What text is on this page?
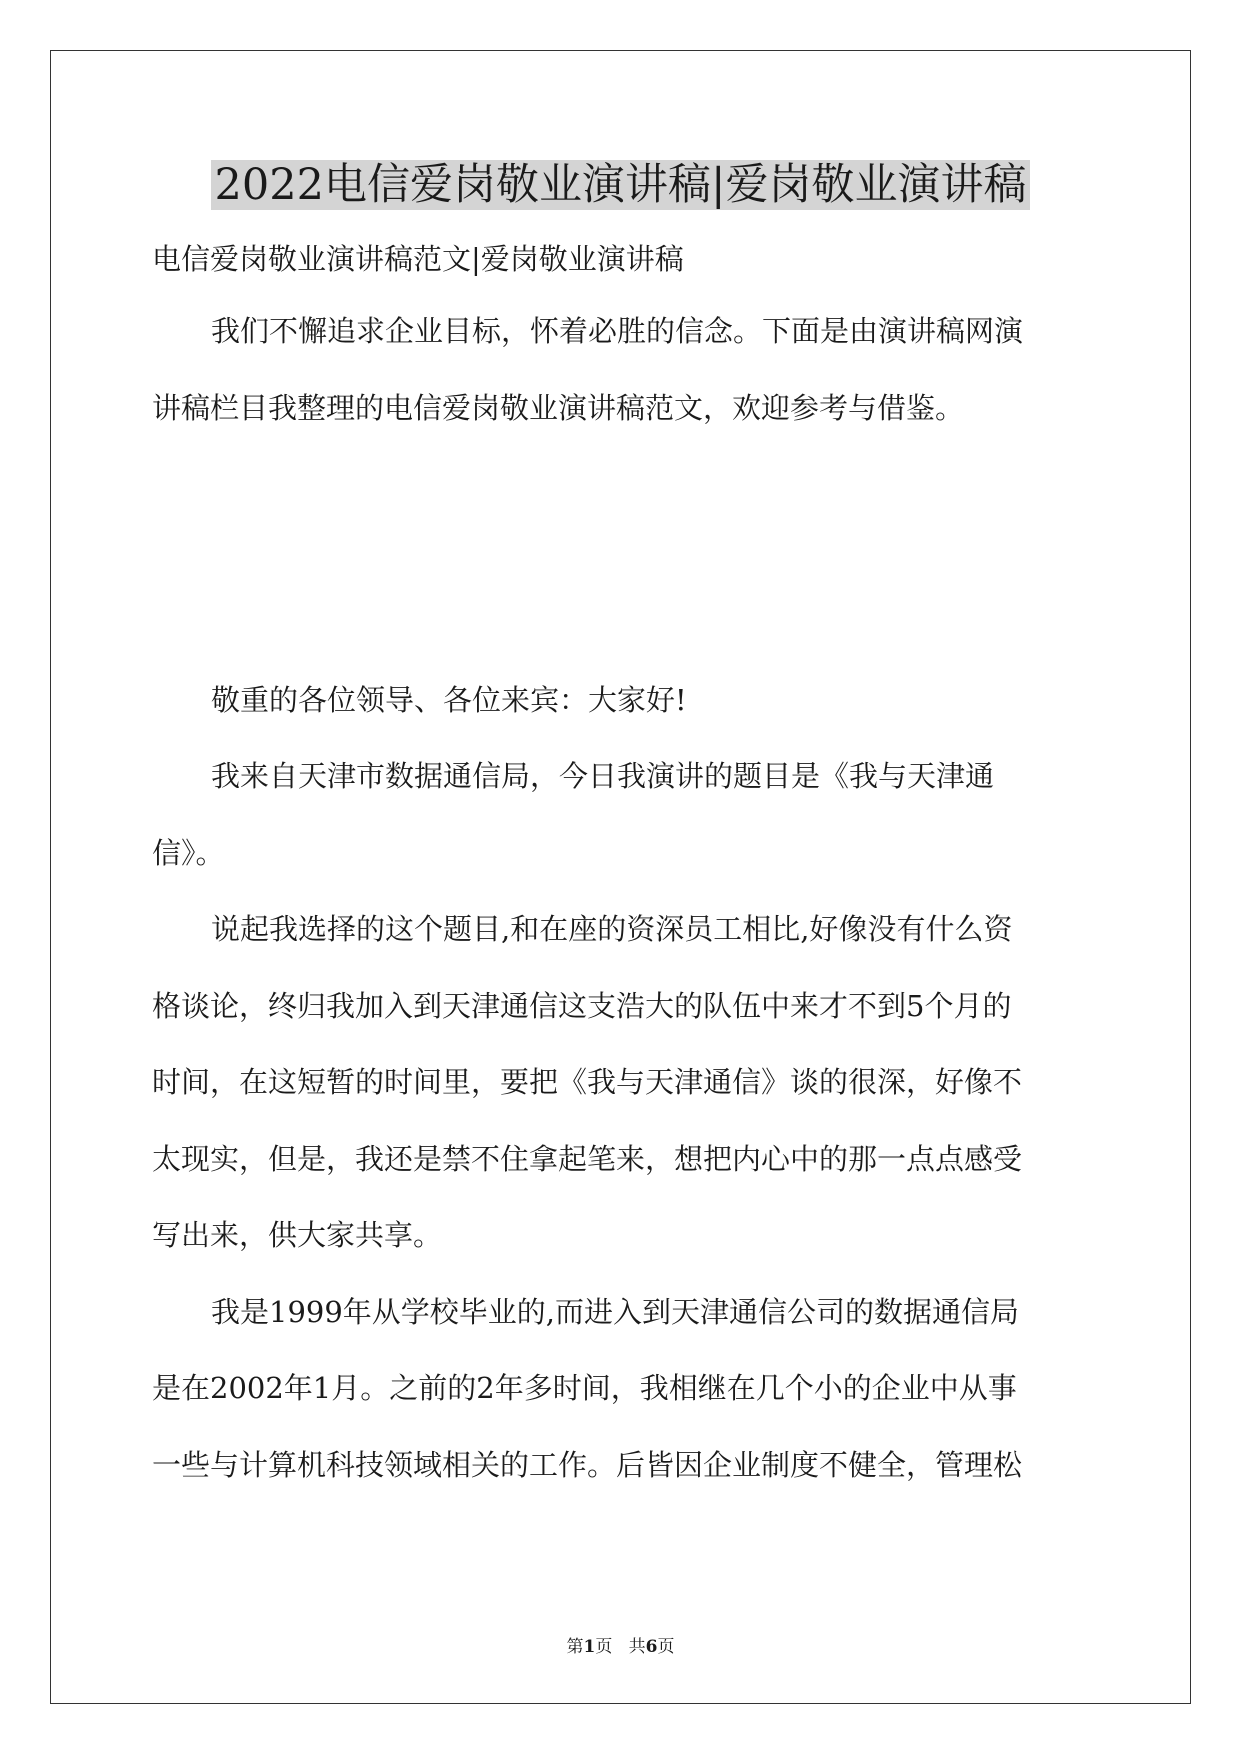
2022电信爱岗敬业演讲稿|爱岗敬业演讲稿
电信爱岗敬业演讲稿范文|爱岗敬业演讲稿
我们不懈追求企业目标，怀着必胜的信念。下面是由演讲稿网演
讲稿栏目我整理的电信爱岗敬业演讲稿范文，欢迎参考与借鉴。
敬重的各位领导、各位来宾：大家好!
我来自天津市数据通信局，今日我演讲的题目是《我与天津通
信》。
说起我选择的这个题目,和在座的资深员工相比,好像没有什么资
格谈论，终归我加入到天津通信这支浩大的队伍中来才不到5个月的
时间，在这短暂的时间里，要把《我与天津通信》谈的很深，好像不
太现实，但是，我还是禁不住拿起笔来，想把内心中的那一点点感受
写出来，供大家共享。
我是1999年从学校毕业的,而进入到天津通信公司的数据通信局
是在2002年1月。之前的2年多时间，我相继在几个小的企业中从事
一些与计算机科技领域相关的工作。后皆因企业制度不健全，管理松
第1页 共6页
